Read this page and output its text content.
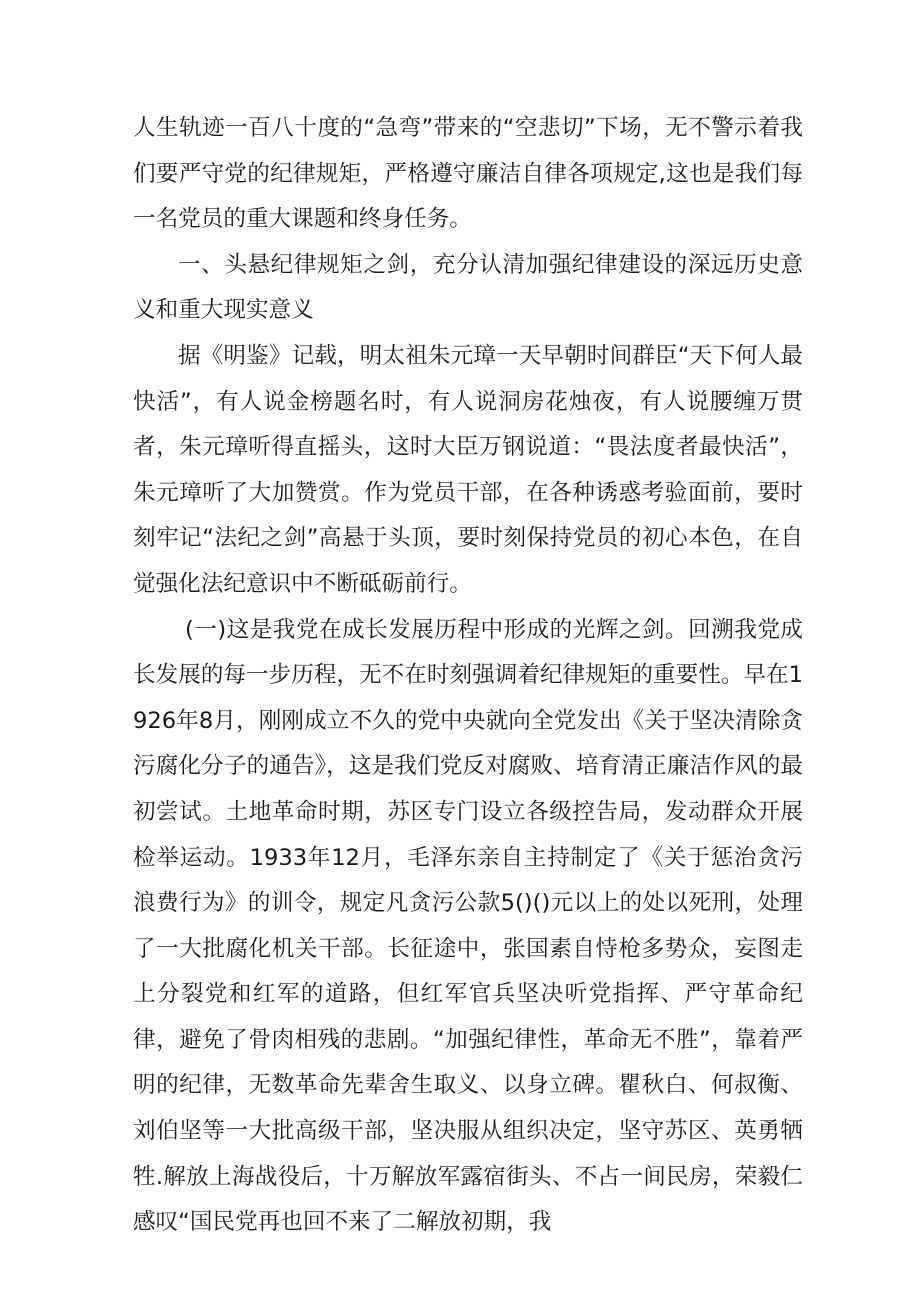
人生轨迹一百八十度的“急弯”带来的“空悲切”下场，无不警示着我们要严守党的纪律规矩，严格遵守廉洁自律各项规定,这也是我们每一名党员的重大课题和终身任务。

一、头悬纪律规矩之剑，充分认清加强纪律建设的深远历史意义和重大现实意义

据《明鉴》记载，明太祖朱元璋一天早朝时间群臣“天下何人最快活”，有人说金榜题名时，有人说洞房花烛夜，有人说腰缠万贯者，朱元璋听得直摇头，这时大臣万钢说道：“畏法度者最快活”，朱元璋听了大加赞赏。作为党员干部，在各种诱惑考验面前，要时刻牢记“法纪之剑”高悬于头顶，要时刻保持党员的初心本色，在自觉强化法纪意识中不断砥砺前行。

(一)这是我党在成长发展历程中形成的光辉之剑。回溯我党成长发展的每一步历程，无不在时刻强调着纪律规矩的重要性。早在1926年8月，刚刚成立不久的党中央就向全党发出《关于坚决清除贪污腐化分子的通告》，这是我们党反对腐败、培育清正廉洁作风的最初尝试。土地革命时期，苏区专门设立各级控告局，发动群众开展检举运动。1933年12月，毛泽东亲自主持制定了《关于惩治贪污浪费行为》的训令，规定凡贪污公款5()()元以上的处以死刑，处理了一大批腐化机关干部。长征途中，张国素自恃枪多势众，妄图走上分裂党和红军的道路，但红军官兵坚决听党指挥、严守革命纪律，避免了骨肉相残的悲剧。“加强纪律性，革命无不胜”，靠着严明的纪律，无数革命先辈舍生取义、以身立碑。瞿秋白、何叔衡、刘伯坚等一大批高级干部，坚决服从组织决定，坚守苏区、英勇牺牲.解放上海战役后，十万解放军露宿街头、不占一间民房，荣毅仁感叹“国民党再也回不来了二解放初期，我
